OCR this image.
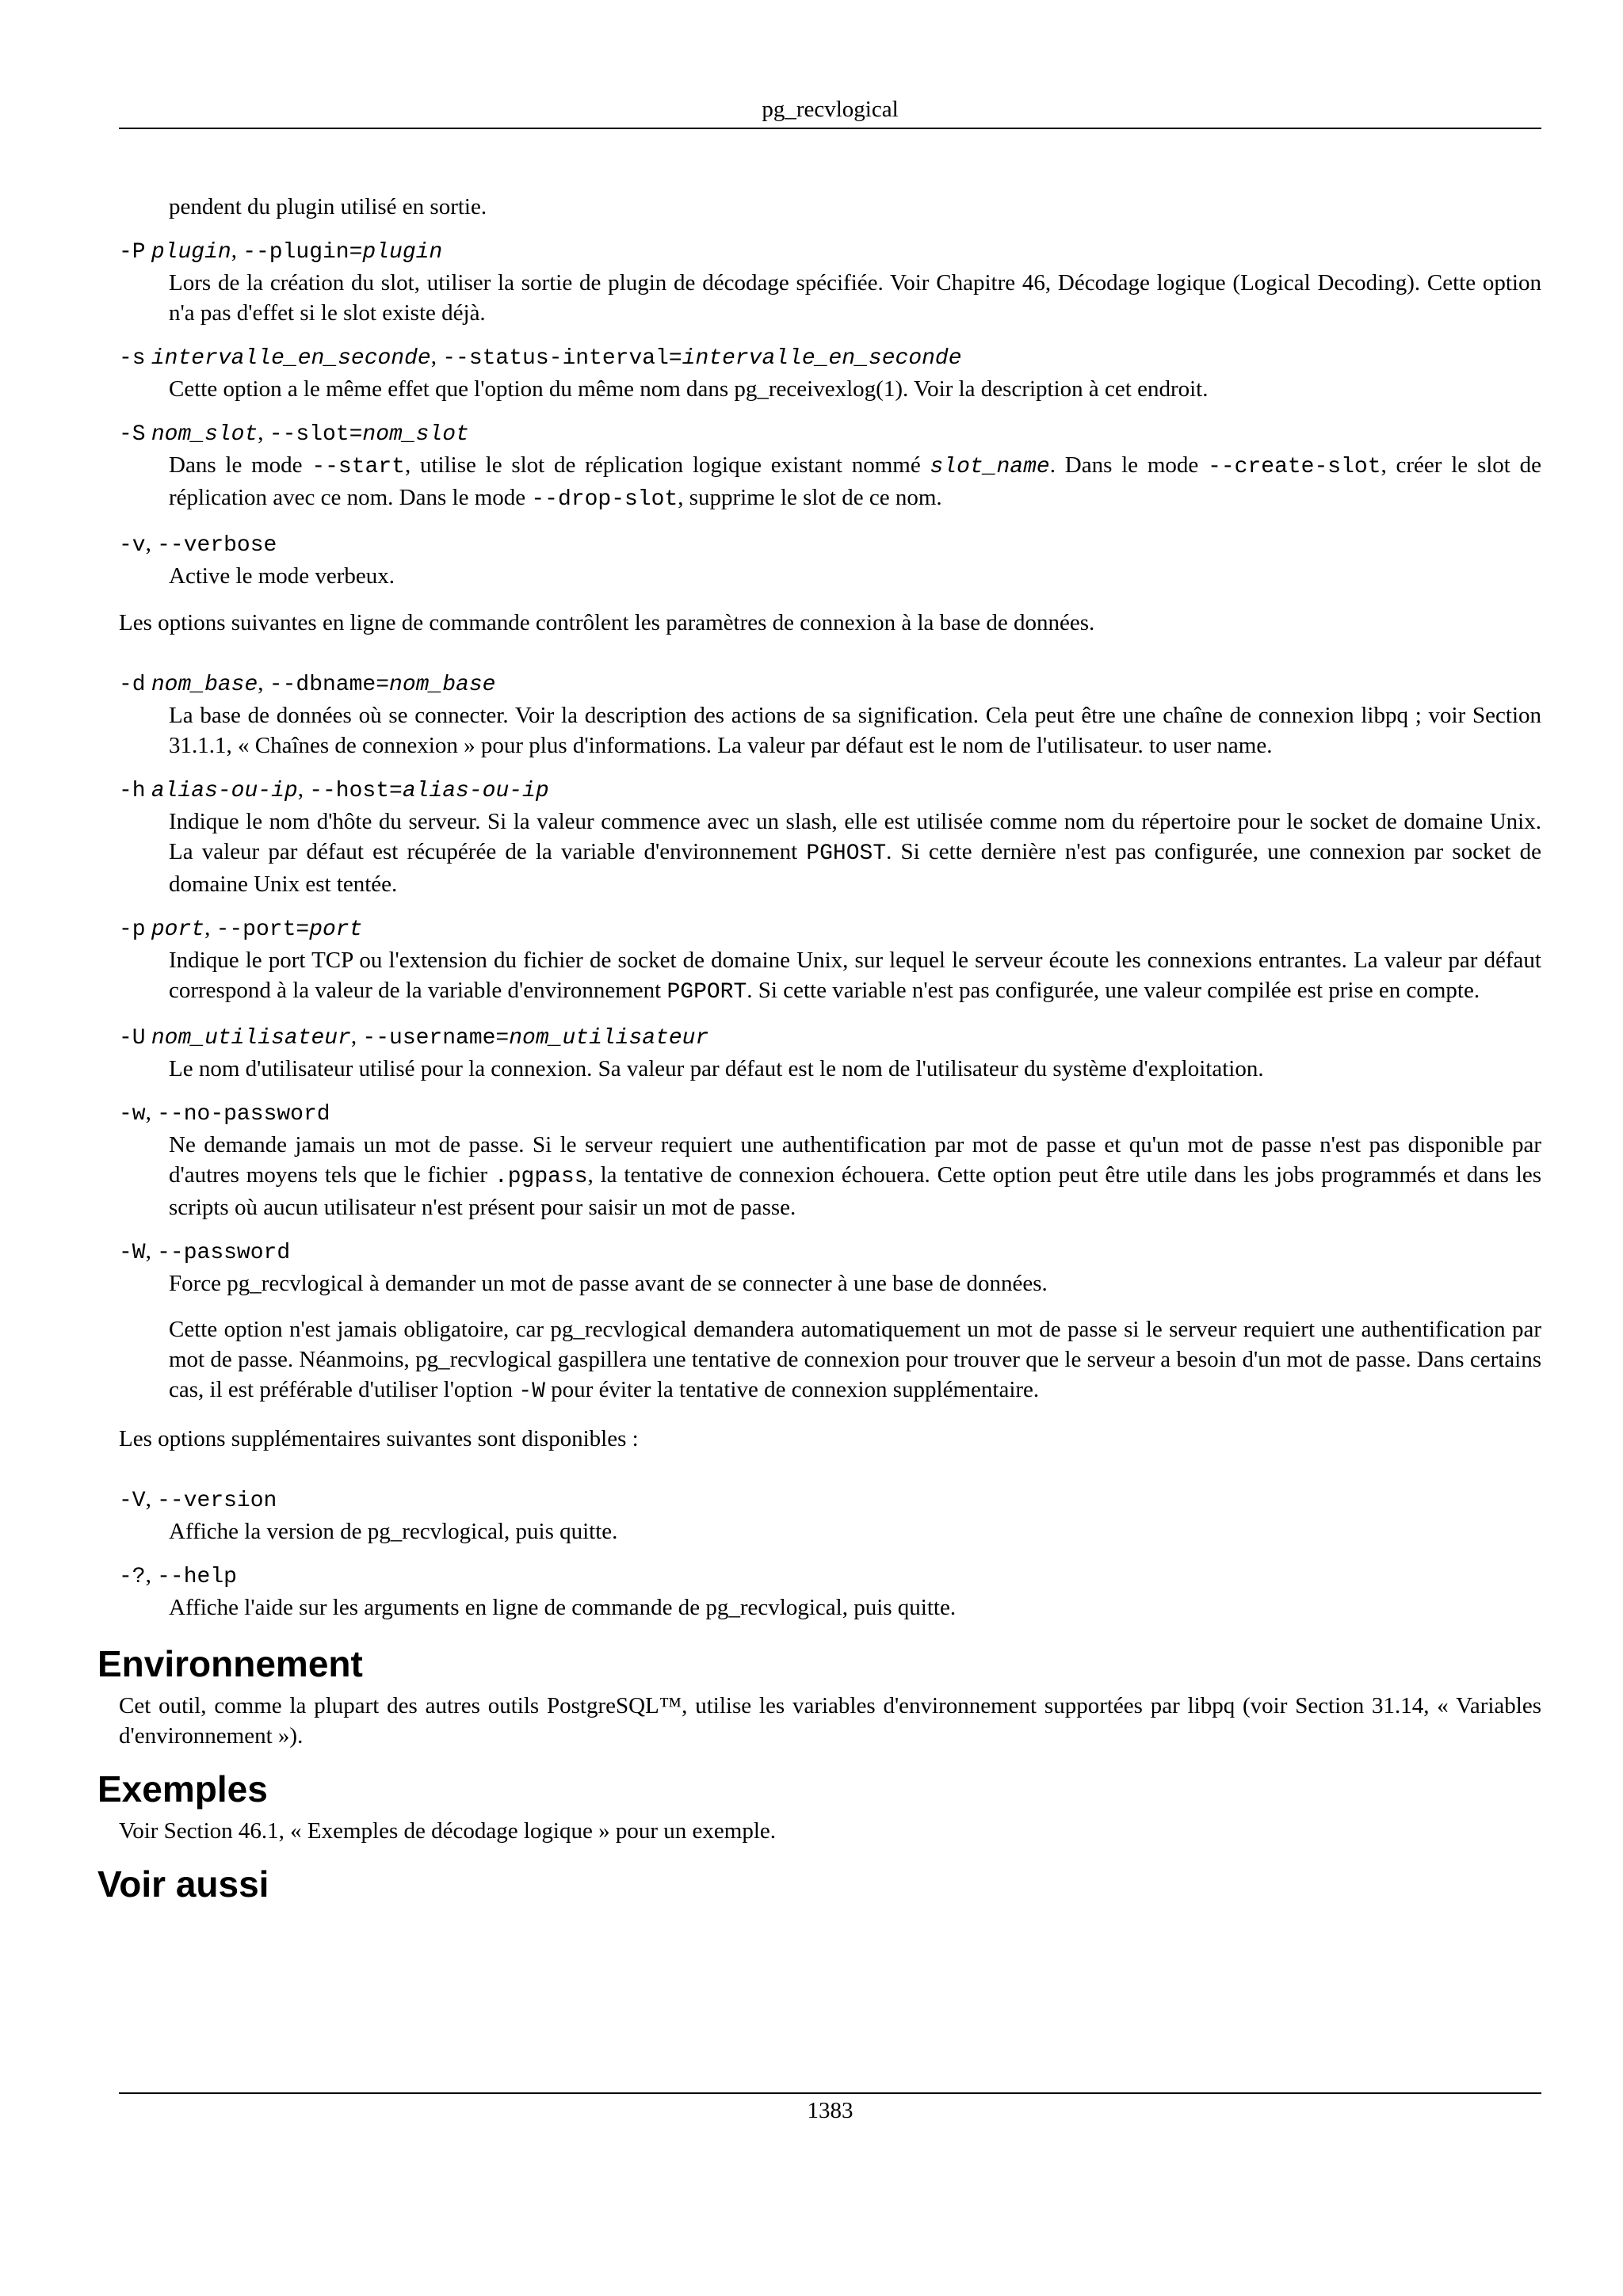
pg_recvlogical

pendent du plugin utilisé en sortie.

-P plugin, --plugin=plugin

Lors de la création du slot, utiliser la sortie de plugin de décodage spécifiée. Voir Chapitre 46, Décodage logique (Logical Decoding). Cette option n'a pas d'effet si le slot existe déjà.

-s intervalle_en_seconde, --status-interval=intervalle_en_seconde

Cette option a le même effet que l'option du même nom dans pg_receivexlog(1). Voir la description à cet endroit.

-S nom_slot, --slot=nom_slot

Dans le mode --start, utilise le slot de réplication logique existant nommé slot_name. Dans le mode --create-slot, créer le slot de réplication avec ce nom. Dans le mode --drop-slot, supprime le slot de ce nom.

-v, --verbose

Active le mode verbeux.

Les options suivantes en ligne de commande contrôlent les paramètres de connexion à la base de données.

-d nom_base, --dbname=nom_base

La base de données où se connecter. Voir la description des actions de sa signification. Cela peut être une chaîne de connexion libpq ; voir Section 31.1.1, « Chaînes de connexion » pour plus d'informations. La valeur par défaut est le nom de l'utilisateur. to user name.

-h alias-ou-ip, --host=alias-ou-ip

Indique le nom d'hôte du serveur. Si la valeur commence avec un slash, elle est utilisée comme nom du répertoire pour le socket de domaine Unix. La valeur par défaut est récupérée de la variable d'environnement PGHOST. Si cette dernière n'est pas configurée, une connexion par socket de domaine Unix est tentée.

-p port, --port=port

Indique le port TCP ou l'extension du fichier de socket de domaine Unix, sur lequel le serveur écoute les connexions entrantes. La valeur par défaut correspond à la valeur de la variable d'environnement PGPORT. Si cette variable n'est pas configurée, une valeur compilée est prise en compte.

-U nom_utilisateur, --username=nom_utilisateur

Le nom d'utilisateur utilisé pour la connexion. Sa valeur par défaut est le nom de l'utilisateur du système d'exploitation.

-w, --no-password

Ne demande jamais un mot de passe. Si le serveur requiert une authentification par mot de passe et qu'un mot de passe n'est pas disponible par d'autres moyens tels que le fichier .pgpass, la tentative de connexion échouera. Cette option peut être utile dans les jobs programmés et dans les scripts où aucun utilisateur n'est présent pour saisir un mot de passe.

-W, --password

Force pg_recvlogical à demander un mot de passe avant de se connecter à une base de données.

Cette option n'est jamais obligatoire, car pg_recvlogical demandera automatiquement un mot de passe si le serveur requiert une authentification par mot de passe. Néanmoins, pg_recvlogical gaspillera une tentative de connexion pour trouver que le serveur a besoin d'un mot de passe. Dans certains cas, il est préférable d'utiliser l'option -W pour éviter la tentative de connexion supplémentaire.

Les options supplémentaires suivantes sont disponibles :

-V, --version

Affiche la version de pg_recvlogical, puis quitte.

-?, --help

Affiche l'aide sur les arguments en ligne de commande de pg_recvlogical, puis quitte.

Environnement

Cet outil, comme la plupart des autres outils PostgreSQL™, utilise les variables d'environnement supportées par libpq (voir Section 31.14, « Variables d'environnement »).

Exemples

Voir Section 46.1, « Exemples de décodage logique » pour un exemple.

Voir aussi
1383
